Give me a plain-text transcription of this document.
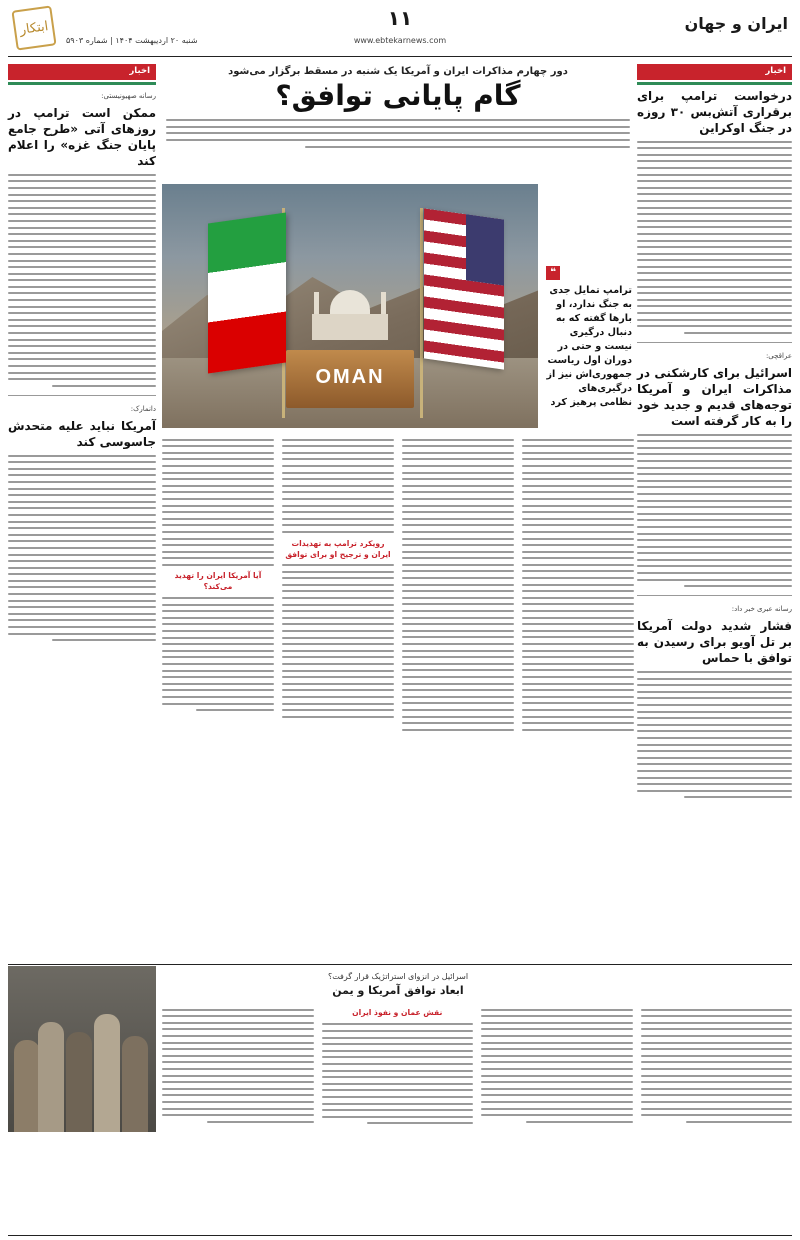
ایران و جهان
۱۱
www.ebtekarnews.com
شنبه ۲۰ اردیبهشت ۱۴۰۴ | شماره ۵۹۰۳
ابتکار
اخبار
درخواست ترامپ برای برقراری آتش‌بس ۳۰ روزه در جنگ اوکراین
عراقچی:
اسرائیل برای کارشکنی در مذاکرات ایران و آمریکا توجه‌های قدیم و جدید خود را به کار گرفته است
رسانه عبری خبر داد:
فشار شدید دولت آمریکا بر تل آویو برای رسیدن به توافق با حماس
اخبار
رسانه صهیونیستی:
ممکن است ترامپ در روزهای آتی «طرح جامع پایان جنگ غزه» را اعلام کند
دانمارک:
آمریکا نباید علیه متحدش جاسوسی کند
دور چهارم مذاکرات ایران و آمریکا یک شنبه در مسقط برگزار می‌شود
گام پایانی توافق؟
OMAN
❝
ترامپ تمایل جدی به جنگ ندارد، او بارها گفته که به دنبال درگیری نیست و حتی در دوران اول ریاست جمهوری‌اش نیز از درگیری‌های نظامی پرهیز کرد
رویکرد ترامپ به تهدیدات ایران و ترجیح او برای توافق
آیا آمریکا ایران را تهدید می‌کند؟
اسرائیل در انزوای استراتژیک قرار گرفت؟
ابعاد توافق آمریکا و یمن
نقش عمان و نفوذ ایران
